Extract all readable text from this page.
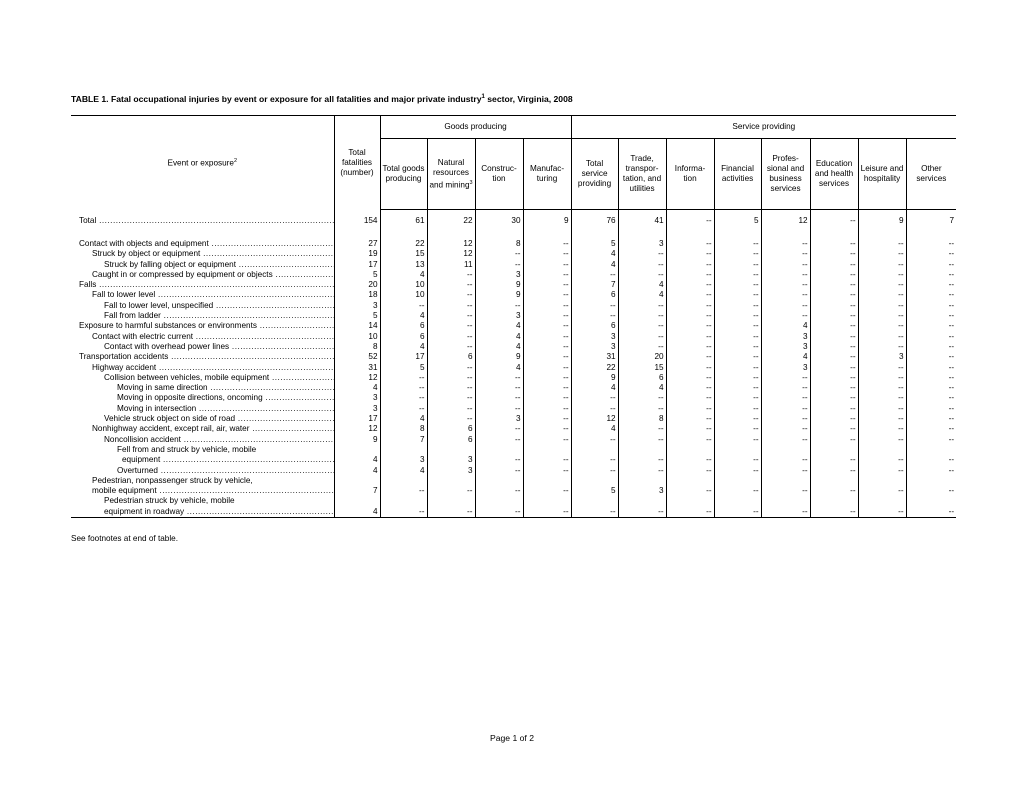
TABLE 1. Fatal occupational injuries by event or exposure for all fatalities and major private industry$^1$ sector, Virginia, 2008
Event or exposure$^2$	Total fatalities (number)	Goods producing				Service providing							
		Total goods producing	Natural resources and mining$^3$	Construc- tion	Manufac- turing	Total service providing	Trade, transpor- tation, and utilities	Informa- tion	Financial activities	Profes- sional and business services	Education and health services	Leisure and hospitality	Other services

Total .....	154	61	22	30	9	76	41	--	5	12	--	9	7

Contact with objects and equipment .....	27	22	12	8	--	5	3	--	--	--	--	--	--

Struck by object or equipment .....	19	15	12	--	--	4	--	--	--	--	--	--	--

Struck by falling object or equipment .....	17	13	11	--	--	4	--	--	--	--	--	--	--

Caught in or compressed by equipment or objects .....	5	4	--	3	--	--	--	--	--	--	--	--	--

Falls .....	20	10	--	9	--	7	4	--	--	--	--	--	--

Fall to lower level .....	18	10	--	9	--	6	4	--	--	--	--	--	--

Fall to lower level, unspecified .....	3	--	--	--	--	--	--	--	--	--	--	--	--

Fall from ladder .....	5	4	--	3	--	--	--	--	--	--	--	--	--

Exposure to harmful substances or environments .....	14	6	--	4	--	6	--	--	--	4	--	--	--

Contact with electric current .....	10	6	--	4	--	3	--	--	--	3	--	--	--

Contact with overhead power lines .....	8	4	--	4	--	3	--	--	--	3	--	--	--

Transportation accidents .....	52	17	6	9	--	31	20	--	--	4	--	3	--

Highway accident .....	31	5	--	4	--	22	15	--	--	3	--	--	--

Collision between vehicles, mobile equipment .....	12	--	--	--	--	9	6	--	--	--	--	--	--

Moving in same direction .....	4	--	--	--	--	4	4	--	--	--	--	--	--

Moving in opposite directions, oncoming .....	3	--	--	--	--	--	--	--	--	--	--	--	--

Moving in intersection .....	3	--	--	--	--	--	--	--	--	--	--	--	--

Vehicle struck object on side of road .....	17	4	--	3	--	12	8	--	--	--	--	--	--

Nonhighway accident, except rail, air, water .....	12	8	6	--	--	4	--	--	--	--	--	--	--

Noncollision accident .....	9	7	6	--	--	--	--	--	--	--	--	--	--

Fell from and struck by vehicle, mobile													

equipment .....	4	3	3	--	--	--	--	--	--	--	--	--	--

Overturned .....	4	4	3	--	--	--	--	--	--	--	--	--	--

Pedestrian, nonpassenger struck by vehicle,													

mobile equipment .....	7	--	--	--	--	5	3	--	--	--	--	--	--

Pedestrian struck by vehicle, mobile													

equipment in roadway .....	4	--	--	--	--	--	--	--	--	--	--	--	--
See footnotes at end of table.
Page 1 of 2
